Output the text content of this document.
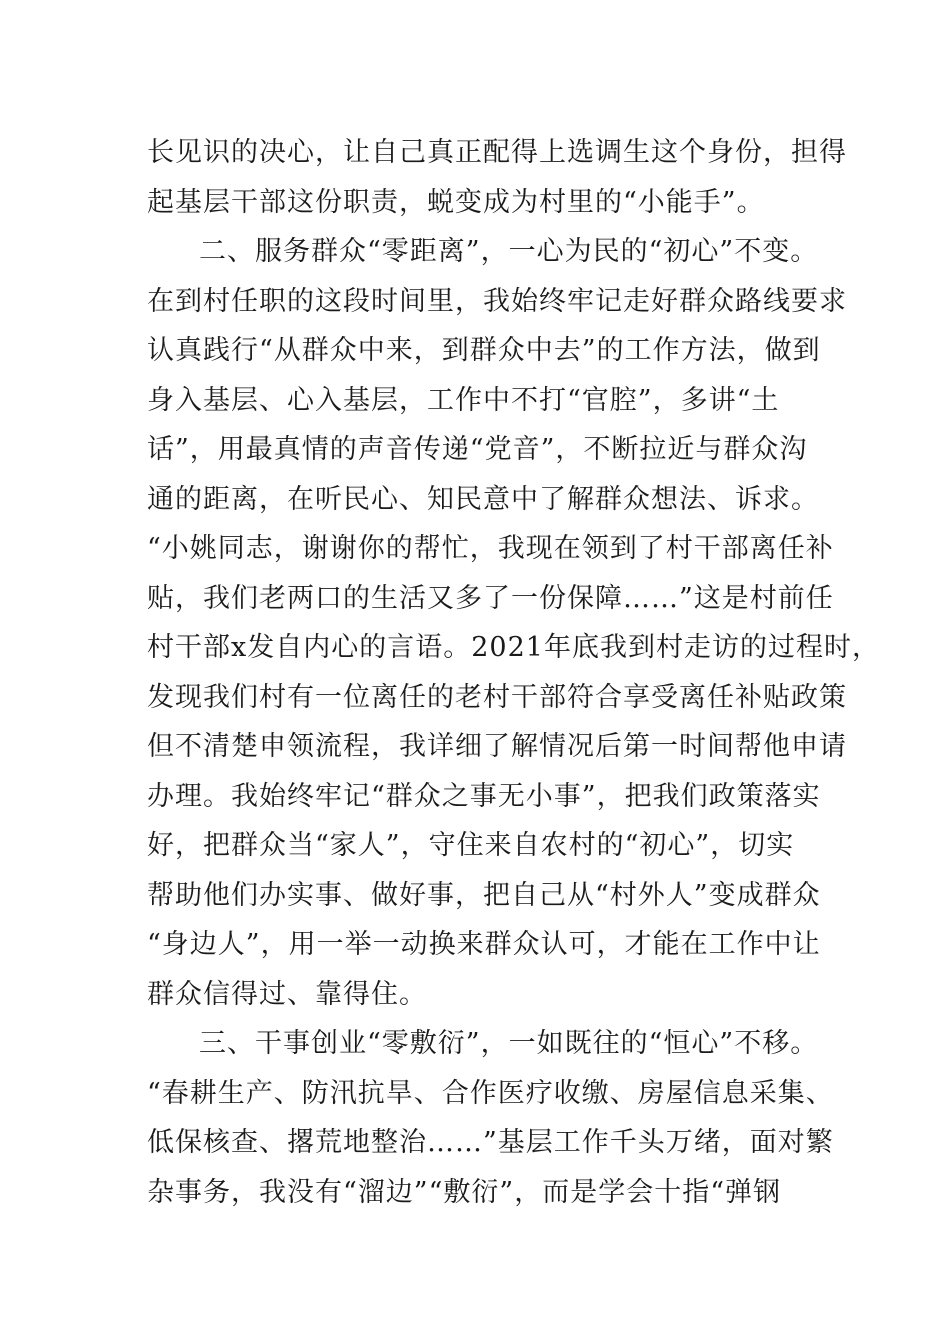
长见识的决心，让自己真正配得上选调生这个身份，担得
起基层干部这份职责，蜕变成为村里的“小能手”。
二、服务群众“零距离”，一心为民的“初心”不变。
在到村任职的这段时间里，我始终牢记走好群众路线要求
认真践行“从群众中来，到群众中去”的工作方法，做到
身入基层、心入基层，工作中不打“官腔”，多讲“土
话”，用最真情的声音传递“党音”，不断拉近与群众沟
通的距离，在听民心、知民意中了解群众想法、诉求。
“小姚同志，谢谢你的帮忙，我现在领到了村干部离任补
贴，我们老两口的生活又多了一份保障……”这是村前任
村干部x发自内心的言语。2021年底我到村走访的过程时，
发现我们村有一位离任的老村干部符合享受离任补贴政策
但不清楚申领流程，我详细了解情况后第一时间帮他申请
办理。我始终牢记“群众之事无小事”，把我们政策落实
好，把群众当“家人”，守住来自农村的“初心”，切实
帮助他们办实事、做好事，把自己从“村外人”变成群众
“身边人”，用一举一动换来群众认可，才能在工作中让
群众信得过、靠得住。
三、干事创业“零敷衍”，一如既往的“恒心”不移。
“春耕生产、防汛抗旱、合作医疗收缴、房屋信息采集、
低保核查、撂荒地整治……”基层工作千头万绪，面对繁
杂事务，我没有“溜边”“敷衍”，而是学会十指“弹钢
